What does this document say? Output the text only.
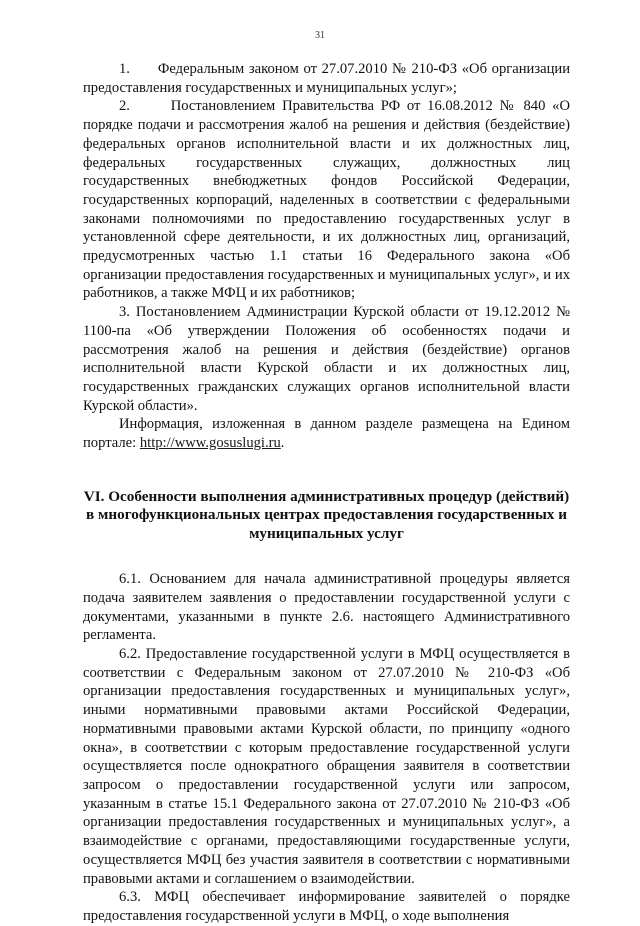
31

1. Федеральным законом от 27.07.2010 № 210-ФЗ «Об организации предоставления государственных и муниципальных услуг»;

2.	Постановлением Правительства РФ от 16.08.2012 № 840 «О порядке подачи и рассмотрения жалоб на решения и действия (бездействие) федеральных органов исполнительной власти и их должностных лиц, федеральных государственных служащих, должностных лиц государственных внебюджетных фондов Российской Федерации, государственных корпораций, наделенных в соответствии с федеральными законами полномочиями по предоставлению государственных услуг в установленной сфере деятельности, и их должностных лиц, организаций, предусмотренных частью 1.1 статьи 16 Федерального закона «Об организации предоставления государственных и муниципальных услуг», и их работников, а также МФЦ и их работников;

3. Постановлением Администрации Курской области от 19.12.2012 № 1100-па «Об утверждении Положения об особенностях подачи и рассмотрения жалоб на решения и действия (бездействие) органов исполнительной власти Курской области и их должностных лиц, государственных гражданских служащих органов исполнительной власти Курской области».

Информация, изложенная в данном разделе размещена на Едином портале: http://www.gosuslugi.ru.

VI. Особенности выполнения административных процедур (действий) в многофункциональных центрах предоставления государственных и муниципальных услуг

6.1. Основанием для начала административной процедуры является подача заявителем заявления о предоставлении государственной услуги с документами, указанными в пункте 2.6. настоящего Административного регламента.

6.2. Предоставление государственной услуги в МФЦ осуществляется в соответствии с Федеральным законом от 27.07.2010 № 210-ФЗ «Об организации предоставления государственных и муниципальных услуг», иными нормативными правовыми актами Российской Федерации, нормативными правовыми актами Курской области, по принципу «одного окна», в соответствии с которым предоставление государственной услуги осуществляется после однократного обращения заявителя в соответствии запросом о предоставлении государственной услуги или запросом, указанным в статье 15.1 Федерального закона от 27.07.2010 № 210-ФЗ «Об организации предоставления государственных и муниципальных услуг», а взаимодействие с органами, предоставляющими государственные услуги, осуществляется МФЦ без участия заявителя в соответствии с нормативными правовыми актами и соглашением о взаимодействии.

6.3. МФЦ обеспечивает информирование заявителей о порядке предоставления государственной услуги в МФЦ, о ходе выполнения
